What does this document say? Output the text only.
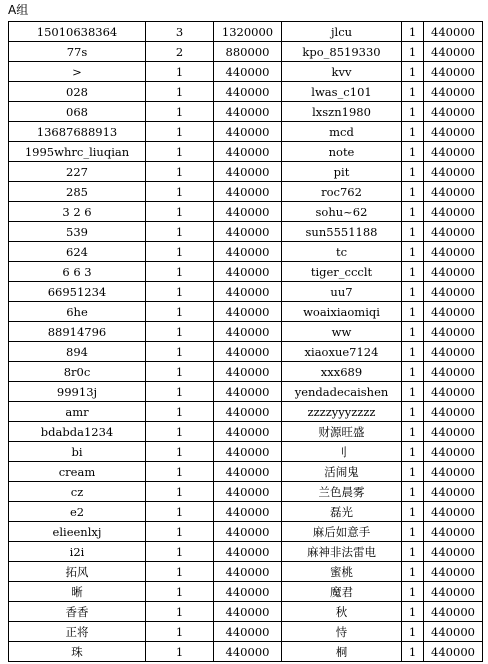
A组
15010638364	3	1320000	jlcu	1	440000
77s	2	880000	kpo_8519330	1	440000
>	1	440000	kvv	1	440000
028	1	440000	lwas_c101	1	440000
068	1	440000	lxszn1980	1	440000
13687688913	1	440000	mcd	1	440000
1995whrc_liuqian	1	440000	note	1	440000
227	1	440000	pit	1	440000
285	1	440000	roc762	1	440000
3 2 6	1	440000	sohu~62	1	440000
539	1	440000	sun5551188	1	440000
624	1	440000	tc	1	440000
6 6 3	1	440000	tiger_ccclt	1	440000
66951234	1	440000	uu7	1	440000
6he	1	440000	woaixiaomiqi	1	440000
88914796	1	440000	ww	1	440000
894	1	440000	xiaoxue7124	1	440000
8r0c	1	440000	xxx689	1	440000
99913j	1	440000	yendadecaishen	1	440000
amr	1	440000	zzzzyyyzzzz	1	440000
bdabda1234	1	440000	财源旺盛	1	440000
bi	1	440000	刂	1	440000
cream	1	440000	活闹鬼	1	440000
cz	1	440000	兰色晨雾	1	440000
e2	1	440000	磊光	1	440000
elieenlxj	1	440000	麻后如意手	1	440000
i2i	1	440000	麻神非法雷电	1	440000
拓风	1	440000	蜜桃	1	440000
晰	1	440000	魔君	1	440000
香香	1	440000	秋	1	440000
正将	1	440000	恃	1	440000
珠	1	440000	桐	1	440000
